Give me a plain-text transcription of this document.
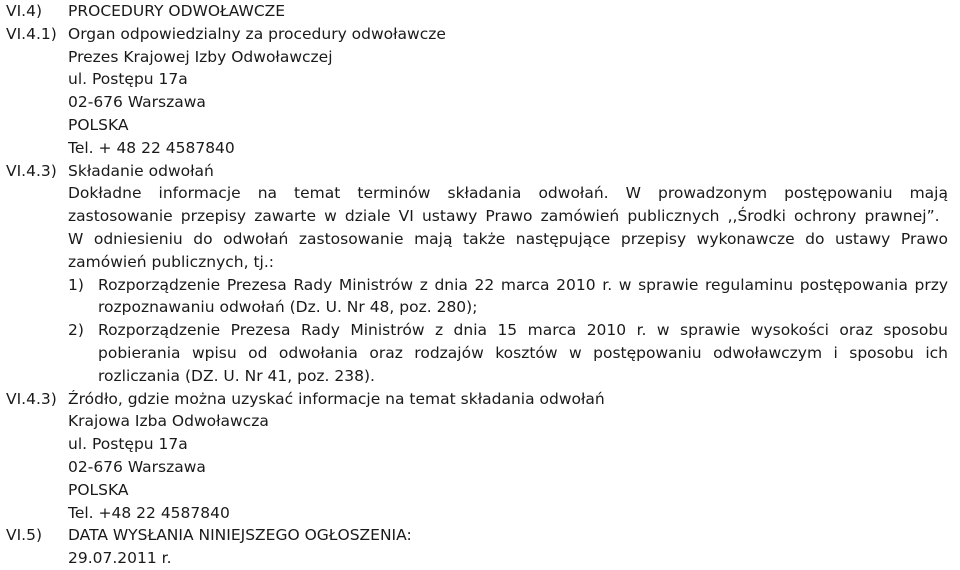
VI.4)	PROCEDURY ODWOŁAWCZE
VI.4.1) Organ odpowiedzialny za procedury odwoławcze
Prezes Krajowej Izby Odwoławczej
ul. Postępu 17a
02-676 Warszawa
POLSKA
Tel. + 48 22 4587840
VI.4.3) Składanie odwołań
Dokładne informacje na temat terminów składania odwołań. W prowadzonym postępowaniu mają zastosowanie przepisy zawarte w dziale VI ustawy Prawo zamówień publicznych ,,Środki ochrony prawnej”.
W odniesieniu do odwołań zastosowanie mają także następujące przepisy wykonawcze do ustawy Prawo zamówień publicznych, tj.:
1) Rozporządzenie Prezesa Rady Ministrów z dnia 22 marca 2010 r. w sprawie regulaminu postępowania przy rozpoznawaniu odwołań (Dz. U. Nr 48, poz. 280);
2) Rozporządzenie Prezesa Rady Ministrów z dnia 15 marca 2010 r. w sprawie wysokości oraz sposobu pobierania wpisu od odwołania oraz rodzajów kosztów w postępowaniu odwoławczym i sposobu ich rozliczania (DZ. U. Nr 41, poz. 238).
VI.4.3) Źródło, gdzie można uzyskać informacje na temat składania odwołań
Krajowa Izba Odwoławcza
ul. Postępu 17a
02-676 Warszawa
POLSKA
Tel. +48 22 4587840
VI.5)	DATA WYSŁANIA NINIEJSZEGO OGŁOSZENIA:
29.07.2011 r.
